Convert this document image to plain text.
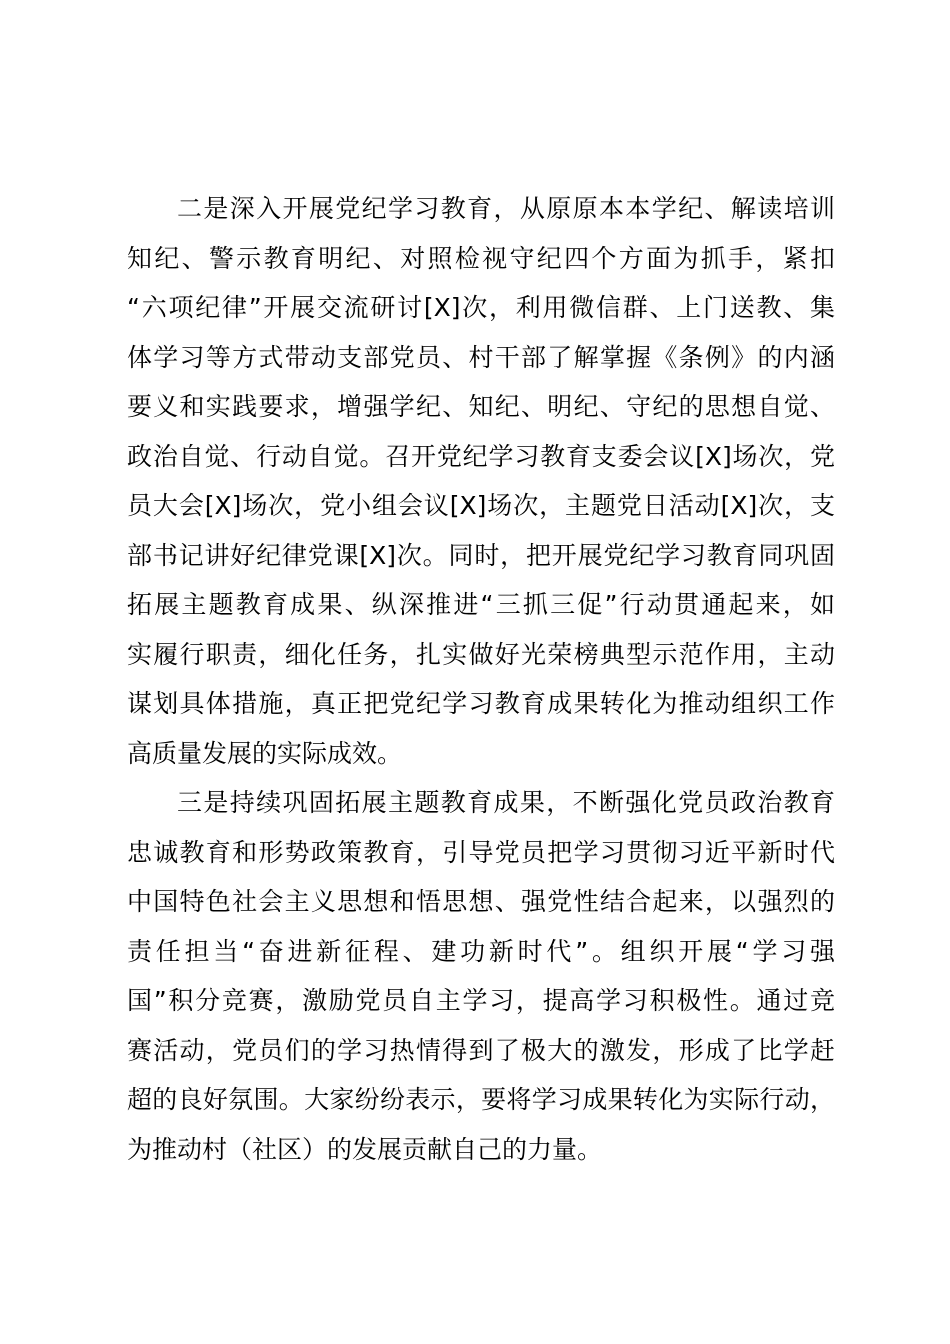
二是深入开展党纪学习教育，从原原本本学纪、解读培训
知纪、警示教育明纪、对照检视守纪四个方面为抓手，紧扣
“六项纪律”开展交流研讨[X]次，利用微信群、上门送教、集
体学习等方式带动支部党员、村干部了解掌握《条例》的内涵
要义和实践要求，增强学纪、知纪、明纪、守纪的思想自觉、
政治自觉、行动自觉。召开党纪学习教育支委会议[X]场次，党
员大会[X]场次，党小组会议[X]场次，主题党日活动[X]次，支
部书记讲好纪律党课[X]次。同时，把开展党纪学习教育同巩固
拓展主题教育成果、纵深推进“三抓三促”行动贯通起来，如
实履行职责，细化任务，扎实做好光荣榜典型示范作用，主动
谋划具体措施，真正把党纪学习教育成果转化为推动组织工作
高质量发展的实际成效。
三是持续巩固拓展主题教育成果，不断强化党员政治教育
忠诚教育和形势政策教育，引导党员把学习贯彻习近平新时代
中国特色社会主义思想和悟思想、强党性结合起来，以强烈的
责任担当“奋进新征程、建功新时代”。组织开展“学习强
国”积分竞赛，激励党员自主学习，提高学习积极性。通过竞
赛活动，党员们的学习热情得到了极大的激发，形成了比学赶
超的良好氛围。大家纷纷表示，要将学习成果转化为实际行动，
为推动村（社区）的发展贡献自己的力量。
